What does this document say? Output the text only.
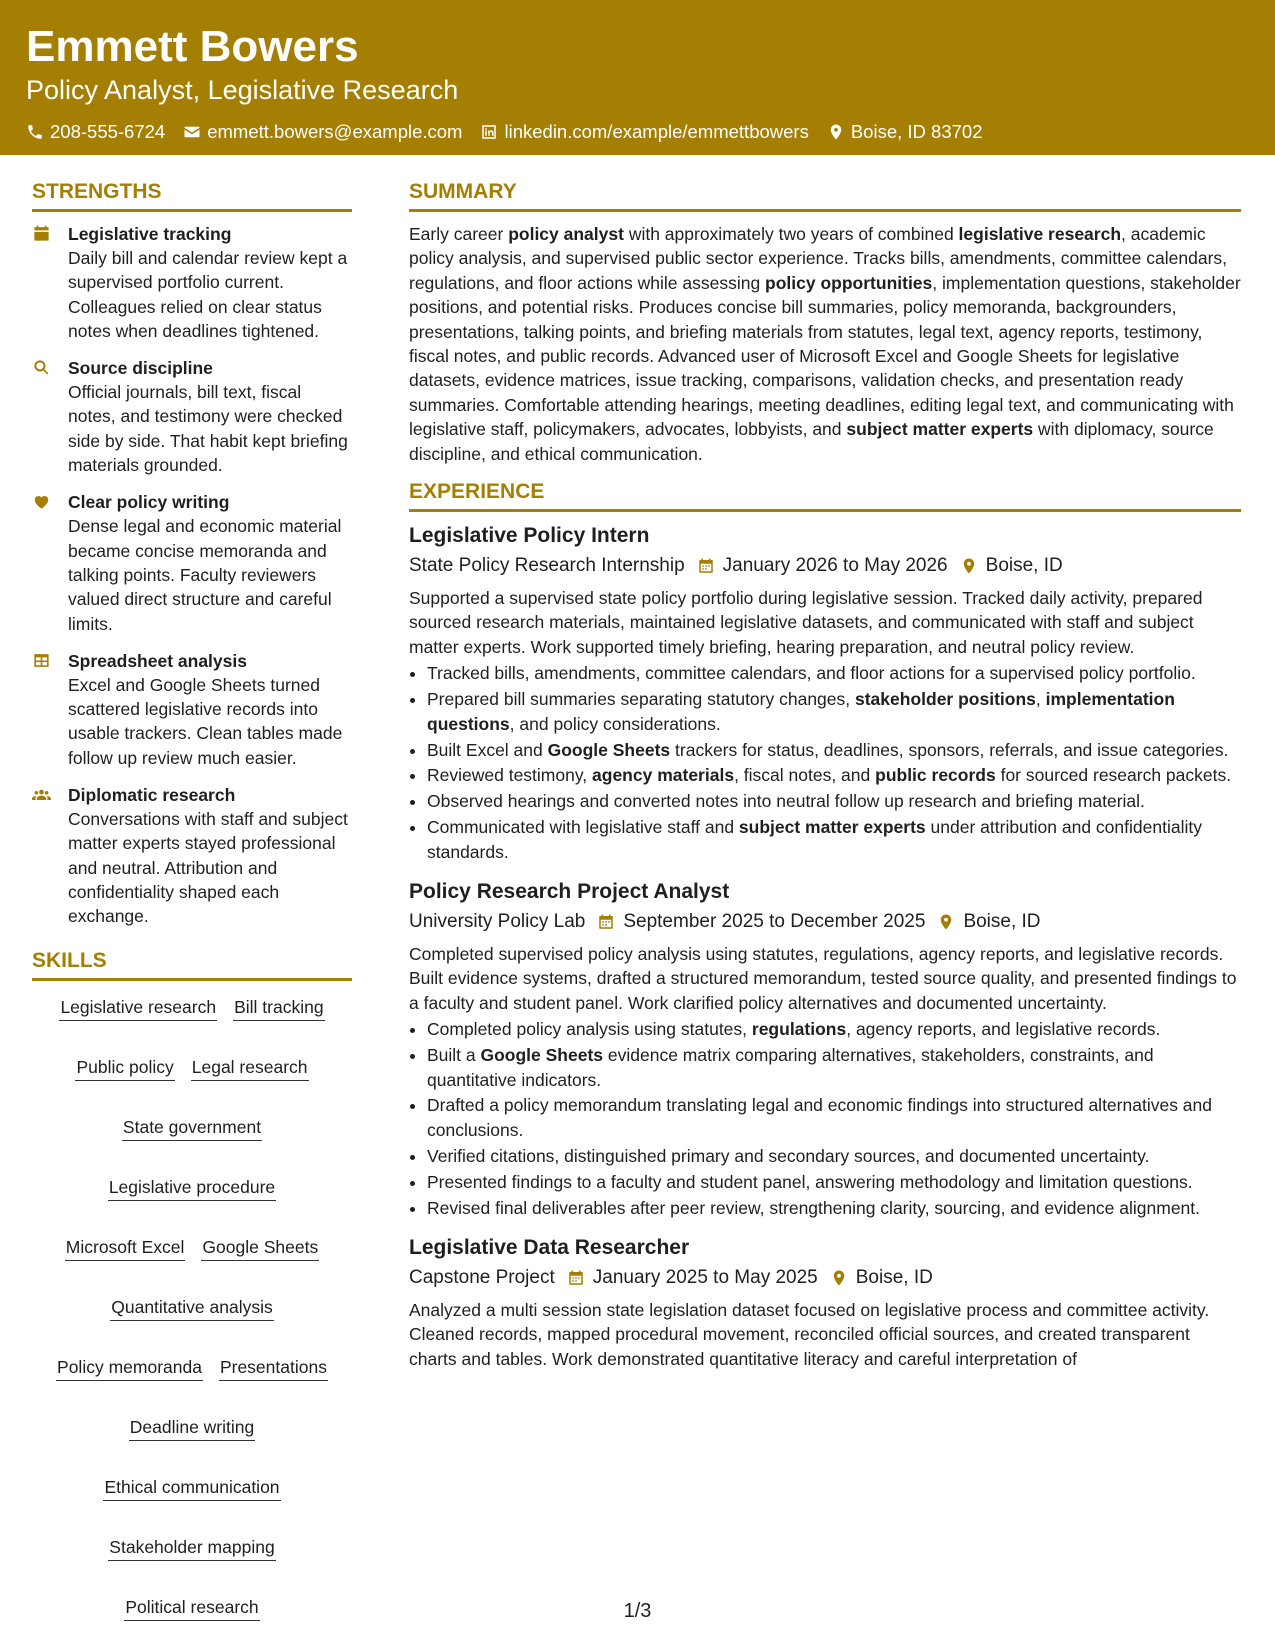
Emmett Bowers
Policy Analyst, Legislative Research
208-555-6724 emmett.bowers@example.com linkedin.com/example/emmettbowers Boise, ID 83702
STRENGTHS
Legislative tracking
Daily bill and calendar review kept a supervised portfolio current. Colleagues relied on clear status notes when deadlines tightened.
Source discipline
Official journals, bill text, fiscal notes, and testimony were checked side by side. That habit kept briefing materials grounded.
Clear policy writing
Dense legal and economic material became concise memoranda and talking points. Faculty reviewers valued direct structure and careful limits.
Spreadsheet analysis
Excel and Google Sheets turned scattered legislative records into usable trackers. Clean tables made follow up review much easier.
Diplomatic research
Conversations with staff and subject matter experts stayed professional and neutral. Attribution and confidentiality shaped each exchange.
SKILLS
Legislative research Bill tracking
Public policy Legal research
State government
Legislative procedure
Microsoft Excel Google Sheets
Quantitative analysis
Policy memoranda Presentations
Deadline writing
Ethical communication
Stakeholder mapping
Political research
SUMMARY

Early career policy analyst with approximately two years of combined legislative research, academic policy analysis, and supervised public sector experience. Tracks bills, amendments, committee calendars, regulations, and floor actions while assessing policy opportunities, implementation questions, stakeholder positions, and potential risks. Produces concise bill summaries, policy memoranda, backgrounders, presentations, talking points, and briefing materials from statutes, legal text, agency reports, testimony, fiscal notes, and public records. Advanced user of Microsoft Excel and Google Sheets for legislative datasets, evidence matrices, issue tracking, comparisons, validation checks, and presentation ready summaries. Comfortable attending hearings, meeting deadlines, editing legal text, and communicating with legislative staff, policymakers, advocates, lobbyists, and subject matter experts with diplomacy, source discipline, and ethical communication.

EXPERIENCE
Legislative Policy Intern
State Policy Research Internship January 2026 to May 2026 Boise, ID

Supported a supervised state policy portfolio during legislative session. Tracked daily activity, prepared sourced research materials, maintained legislative datasets, and communicated with staff and subject matter experts. Work supported timely briefing, hearing preparation, and neutral policy review.

• Tracked bills, amendments, committee calendars, and floor actions for a supervised policy portfolio.
• Prepared bill summaries separating statutory changes, stakeholder positions, implementation questions, and policy considerations.
• Built Excel and Google Sheets trackers for status, deadlines, sponsors, referrals, and issue categories.
• Reviewed testimony, agency materials, fiscal notes, and public records for sourced research packets.
• Observed hearings and converted notes into neutral follow up research and briefing material.
• Communicated with legislative staff and subject matter experts under attribution and confidentiality standards.
Policy Research Project Analyst
University Policy Lab September 2025 to December 2025 Boise, ID

Completed supervised policy analysis using statutes, regulations, agency reports, and legislative records. Built evidence systems, drafted a structured memorandum, tested source quality, and presented findings to a faculty and student panel. Work clarified policy alternatives and documented uncertainty.

• Completed policy analysis using statutes, regulations, agency reports, and legislative records.
• Built a Google Sheets evidence matrix comparing alternatives, stakeholders, constraints, and quantitative indicators.
• Drafted a policy memorandum translating legal and economic findings into structured alternatives and conclusions.
• Verified citations, distinguished primary and secondary sources, and documented uncertainty.
• Presented findings to a faculty and student panel, answering methodology and limitation questions.
• Revised final deliverables after peer review, strengthening clarity, sourcing, and evidence alignment.
Legislative Data Researcher
Capstone Project January 2025 to May 2025 Boise, ID

Analyzed a multi session state legislation dataset focused on legislative process and committee activity. Cleaned records, mapped procedural movement, reconciled official sources, and created transparent charts and tables. Work demonstrated quantitative literacy and careful interpretation of

1/3
